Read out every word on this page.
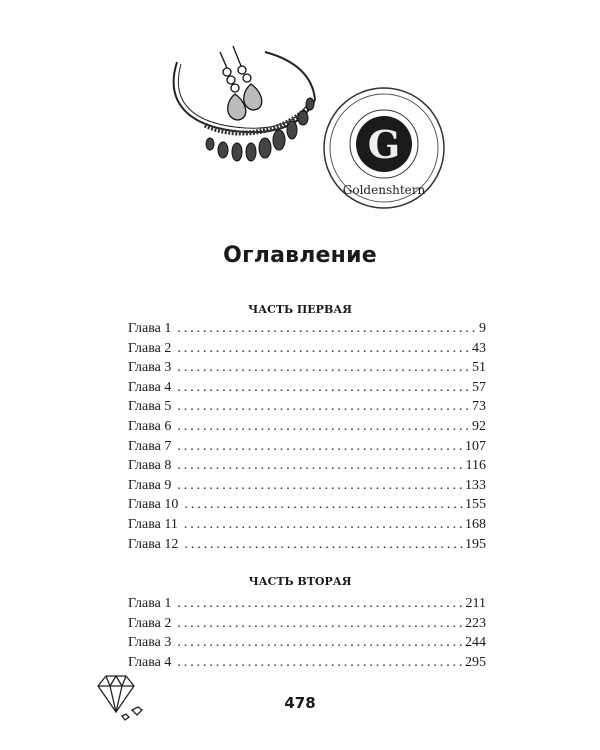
G
Goldenshtern
Оглавление
ЧАСТЬ ПЕРВАЯ
Глава 1 . . .	9
Глава 2 . . .	43
Глава 3 . . .	51
Глава 4 . . .	57
Глава 5 . . .	73
Глава 6 . . .	92
Глава 7 . . .	107
Глава 8 . . .	116
Глава 9 . . .	133
Глава 10 . . .	155
Глава 11 . . .	168
Глава 12 . . .	195
ЧАСТЬ ВТОРАЯ
Глава 1 . . .	211
Глава 2 . . .	223
Глава 3 . . .	244
Глава 4 . . .	295
478
